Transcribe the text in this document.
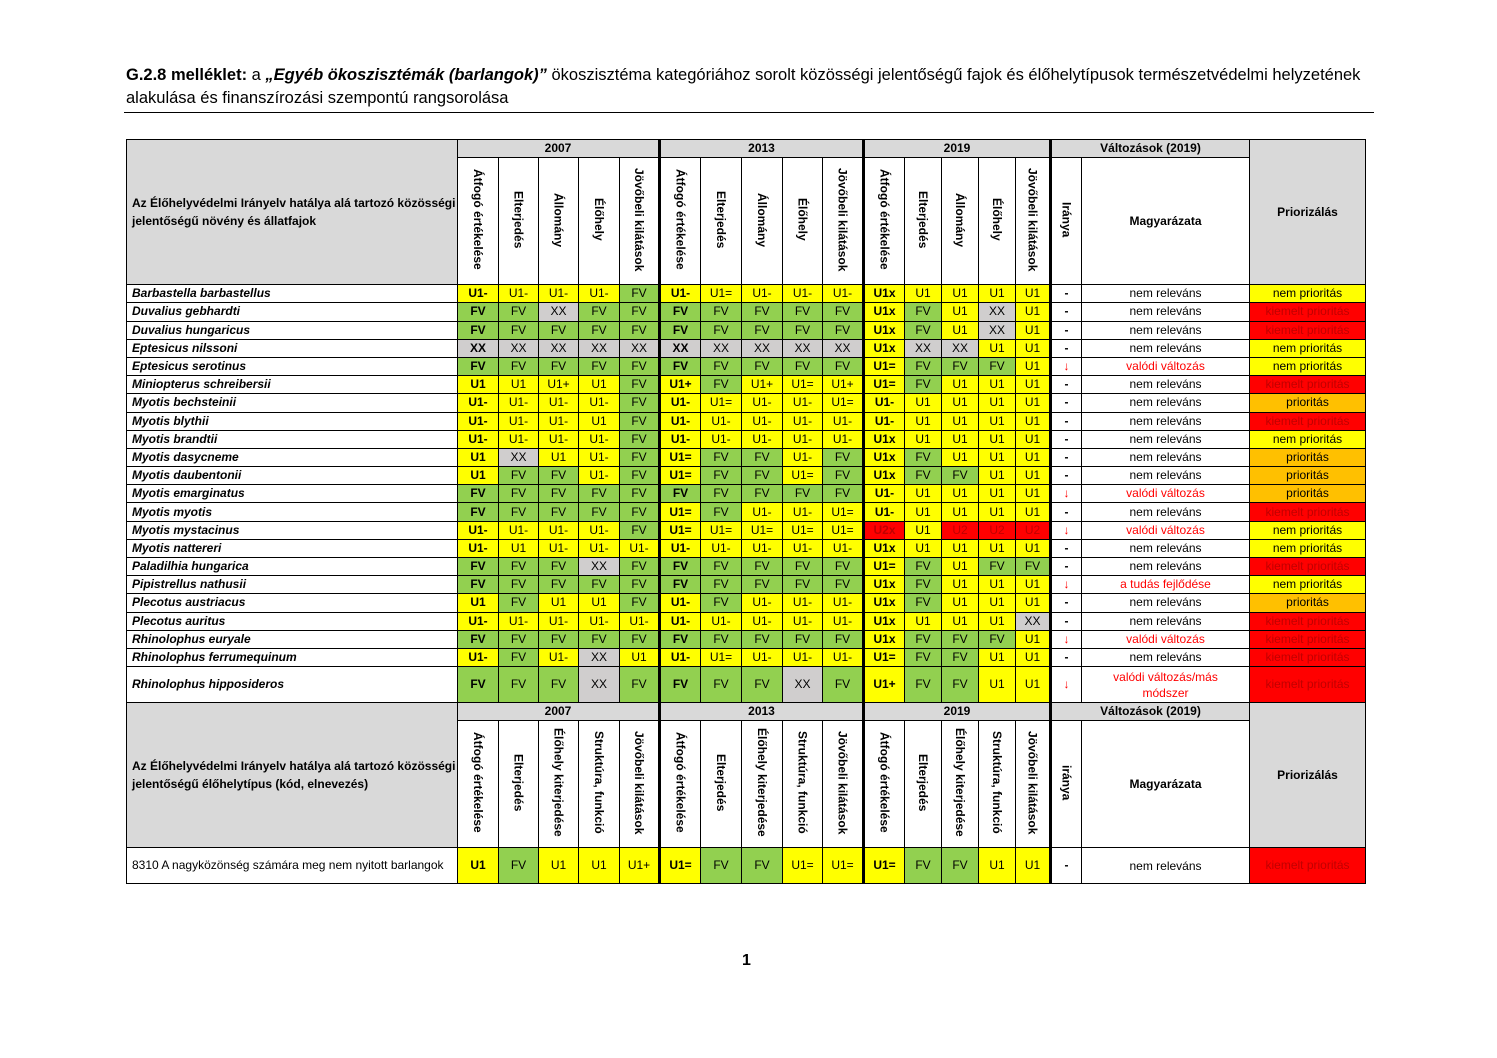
G.2.8 melléklet: a „Egyéb ökoszisztémák (barlangok)” ökoszisztéma kategóriához sorolt közösségi jelentőségű fajok és élőhelytípusok természetvédelmi helyzetének alakulása és finanszírozási szempontú rangsorolása
Az Élőhelyvédelmi Irányelv hatálya alá tartozó közösségi jelentőségű növény és állatfajok	2007					2013					2019					Változások (2019)		Priorizálás
	Átfogó értékelése	Elterjedés	Állomány	Élőhely	Jövőbeli kilátások	Átfogó értékelése	Elterjedés	Állomány	Élőhely	Jövőbeli kilátások	Átfogó értékelése	Elterjedés	Állomány	Élőhely	Jövőbeli kilátások	Iránya	Magyarázata	
Barbastella barbastellus	U1-	U1-	U1-	U1-	FV	U1-	U1=	U1-	U1-	U1-	U1x	U1	U1	U1	U1	-	nem releváns	nem prioritás
Duvalius gebhardti	FV	FV	XX	FV	FV	FV	FV	FV	FV	FV	U1x	FV	U1	XX	U1	-	nem releváns	kiemelt prioritás
Duvalius hungaricus	FV	FV	FV	FV	FV	FV	FV	FV	FV	FV	U1x	FV	U1	XX	U1	-	nem releváns	kiemelt prioritás
Eptesicus nilssoni	XX	XX	XX	XX	XX	XX	XX	XX	XX	XX	U1x	XX	XX	U1	U1	-	nem releváns	nem prioritás
Eptesicus serotinus	FV	FV	FV	FV	FV	FV	FV	FV	FV	FV	U1=	FV	FV	FV	U1	↓	valódi változás	nem prioritás
Miniopterus schreibersii	U1	U1	U1+	U1	FV	U1+	FV	U1+	U1=	U1+	U1=	FV	U1	U1	U1	-	nem releváns	kiemelt prioritás
Myotis bechsteinii	U1-	U1-	U1-	U1-	FV	U1-	U1=	U1-	U1-	U1=	U1-	U1	U1	U1	U1	-	nem releváns	prioritás
Myotis blythii	U1-	U1-	U1-	U1	FV	U1-	U1-	U1-	U1-	U1-	U1-	U1	U1	U1	U1	-	nem releváns	kiemelt prioritás
Myotis brandtii	U1-	U1-	U1-	U1-	FV	U1-	U1-	U1-	U1-	U1-	U1x	U1	U1	U1	U1	-	nem releváns	nem prioritás
Myotis dasycneme	U1	XX	U1	U1-	FV	U1=	FV	FV	U1-	FV	U1x	FV	U1	U1	U1	-	nem releváns	prioritás
Myotis daubentonii	U1	FV	FV	U1-	FV	U1=	FV	FV	U1=	FV	U1x	FV	FV	U1	U1	-	nem releváns	prioritás
Myotis emarginatus	FV	FV	FV	FV	FV	FV	FV	FV	FV	FV	U1-	U1	U1	U1	U1	↓	valódi változás	prioritás
Myotis myotis	FV	FV	FV	FV	FV	U1=	FV	U1-	U1-	U1=	U1-	U1	U1	U1	U1	-	nem releváns	kiemelt prioritás
Myotis mystacinus	U1-	U1-	U1-	U1-	FV	U1=	U1=	U1=	U1=	U1=	U2x	U1	U2	U2	U2	↓	valódi változás	nem prioritás
Myotis nattereri	U1-	U1	U1-	U1-	U1-	U1-	U1-	U1-	U1-	U1-	U1x	U1	U1	U1	U1	-	nem releváns	nem prioritás
Paladilhia hungarica	FV	FV	FV	XX	FV	FV	FV	FV	FV	FV	U1=	FV	U1	FV	FV	-	nem releváns	kiemelt prioritás
Pipistrellus nathusii	FV	FV	FV	FV	FV	FV	FV	FV	FV	FV	U1x	FV	U1	U1	U1	↓	a tudás fejlődése	nem prioritás
Plecotus austriacus	U1	FV	U1	U1	FV	U1-	FV	U1-	U1-	U1-	U1x	FV	U1	U1	U1	-	nem releváns	prioritás
Plecotus auritus	U1-	U1-	U1-	U1-	U1-	U1-	U1-	U1-	U1-	U1-	U1x	U1	U1	U1	XX	-	nem releváns	kiemelt prioritás
Rhinolophus euryale	FV	FV	FV	FV	FV	FV	FV	FV	FV	FV	U1x	FV	FV	FV	U1	↓	valódi változás	kiemelt prioritás
Rhinolophus ferrumequinum	U1-	FV	U1-	XX	U1	U1-	U1=	U1-	U1-	U1-	U1=	FV	FV	U1	U1	-	nem releváns	kiemelt prioritás
Rhinolophus hipposideros	FV	FV	FV	XX	FV	FV	FV	FV	XX	FV	U1+	FV	FV	U1	U1	↓	valódi változás/más módszer	kiemelt prioritás
Az Élőhelyvédelmi Irányelv hatálya alá tartozó közösségi jelentőségű élőhelytípus (kód, elnevezés)	2007					2013					2019					Változások (2019)		Priorizálás
	Átfogó értékelése	Elterjedés	Élőhely kiterjedése	Struktúra, funkció	Jövőbeli kilátások	Átfogó értékelése	Elterjedés	Élőhely kiterjedése	Struktúra, funkció	Jövőbeli kilátások	Átfogó értékelése	Elterjedés	Élőhely kiterjedése	Struktúra, funkció	Jövőbeli kilátások	iránya	Magyarázata	
8310 A nagyközönség számára meg nem nyitott barlangok	U1	FV	U1	U1	U1+	U1=	FV	FV	U1=	U1=	U1=	FV	FV	U1	U1	-	nem releváns	kiemelt prioritás
1
